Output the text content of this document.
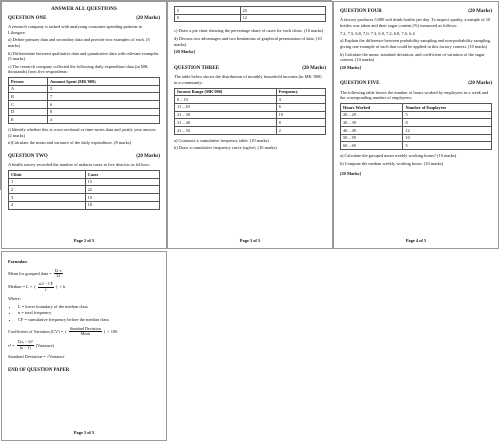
ANSWER ALL QUESTIONS

QUESTION ONE	(20 Marks)

A research company is tasked with analyzing consumer spending patterns in Lilongwe.

a) Define primary data and secondary data and provide two examples of each. (5 marks)

b) Differentiate between qualitative data and quantitative data with relevant examples. (5 marks)

c) The research company collected the following daily expenditure data (in MK thousands) from five respondents:

Person	Amount Spent (MK'000)
A	5
B	7
C	6
D	8
E	4

i) Identify whether this is cross-sectional or time-series data and justify your answer. (2 marks)

ii)Calculate the mean and variance of the daily expenditure. (8 marks)

QUESTION TWO	(20 Marks)

A health survey recorded the number of malaria cases in five districts as follows:

Clinic	Cases
1	15
2	22
3	10
4	18
Page 2 of 5
5	25
6	12

c) Draw a pie chart showing the percentage share of cases for each clinic. (10 marks)

d) Discuss two advantages and two limitations of graphical presentation of data. (10 marks)

[20 Marks]

QUESTION THREE	(20 Marks)

The table below shows the distribution of monthly household incomes (in MK '000) in a community:

Income Range (MK'000)	Frequency
0 – 10	4
11 – 20	6
21 – 30	10
31 – 40	8
41 – 50	2

a) Construct a cumulative frequency table. (10 marks)

b) Draw a cumulative frequency curve (ogive). (10 marks)

Page 3 of 5
QUESTION FOUR	(20 Marks)

A factory produces 5,000 soft drink bottles per day. To inspect quality, a sample of 10 bottles was taken and their sugar content (%) measured as follows:

7.2, 7.5, 6.8, 7.0, 7.3, 6.9, 7.2, 6.8, 7.0, 6.4

a) Explain the difference between probability sampling and non-probability sampling, giving one example of each that could be applied in this factory context. (10 marks)

b) Calculate the mean, standard deviation, and coefficient of variation of the sugar content. (10 marks)

[20 Marks]

QUESTION FIVE	(20 Marks)

The following table shows the number of hours worked by employees in a week and the corresponding number of employees:

Hours Worked	Number of Employees
20 – 29	5
30 – 39	8
40 – 49	12
50 – 59	10
60 – 69	5

a) Calculate the grouped mean weekly working hours? (10 marks)

b) Compute the median weekly working hours. (10 marks)

[20 Marks]

Page 4 of 5

Formulae:

Mean for grouped data = $\frac{\Sigma f\cdot x}{\Sigma f}$
Median = L + ( $\frac{n/2 - CF}{f}$ ) × h

Where:

• L = lower boundary of the median class
• n = total frequency
• CF = cumulative frequency before the median class
Coefficient of Variation (CV) = ( $\frac{\text{Standard Deviation}}{\text{Mean}}$ ) × 100
$s^2 = \frac{\text{Σ(xᵢ − x̄)²}}{(n - 1)}$ (Variance)

Standard Deviation = √Variance

END OF QUESTION PAPER

Page 5 of 5
